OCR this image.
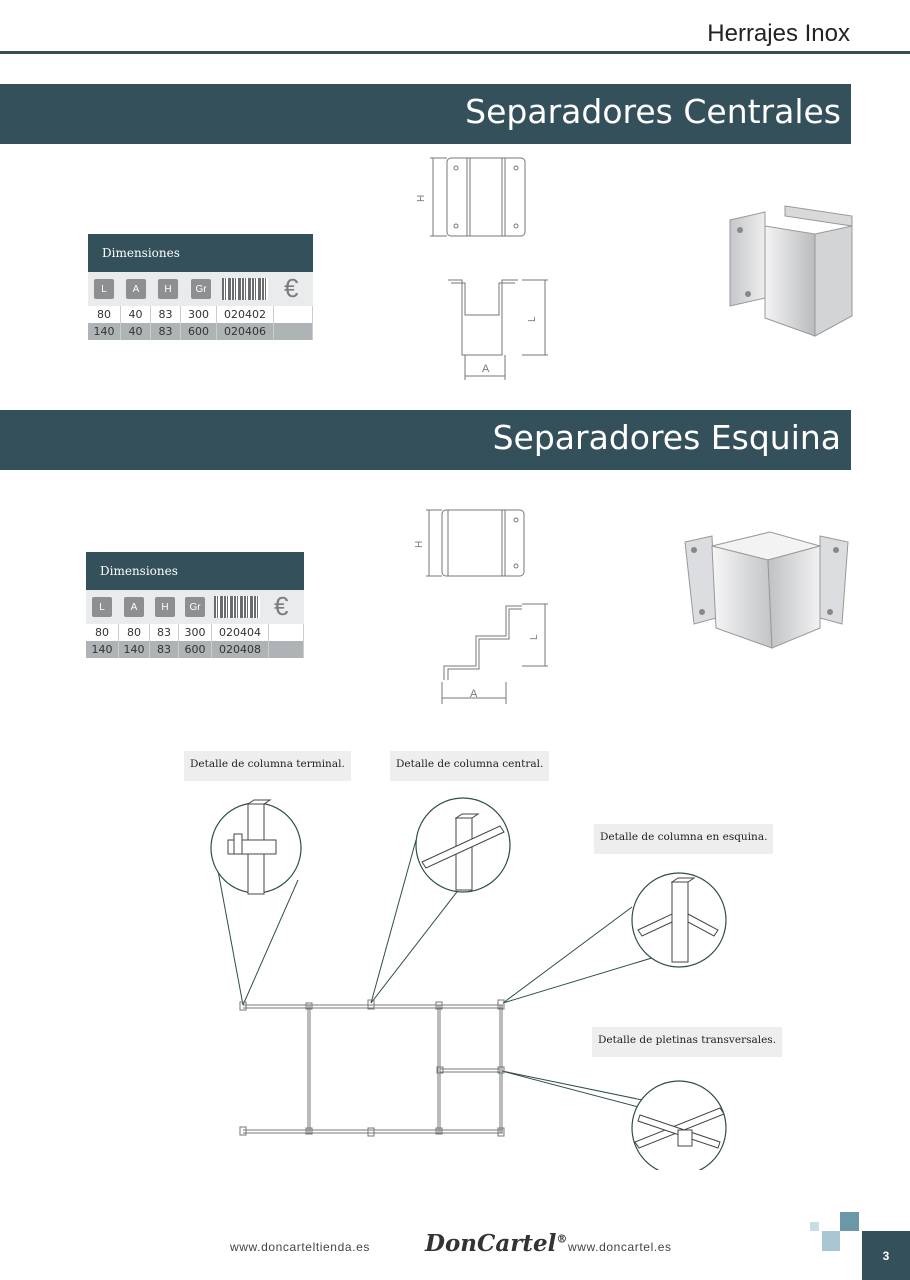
Herrajes Inox
Separadores Centrales
Dimensiones
L	A	H	Gr	€
80	40	83	300	020402	
140	40	83	600	020406	
H
L
A
Separadores Esquina
Dimensiones
L	A	H	Gr	€
80	80	83	300	020404	
140	140	83	600	020408	
H
L
A
Detalle de columna terminal.	Detalle de columna central.
Detalle de columna en esquina.
Detalle de pletinas transversales.
www.doncarteltienda.es DonCartel®
www.doncartel.es
3
